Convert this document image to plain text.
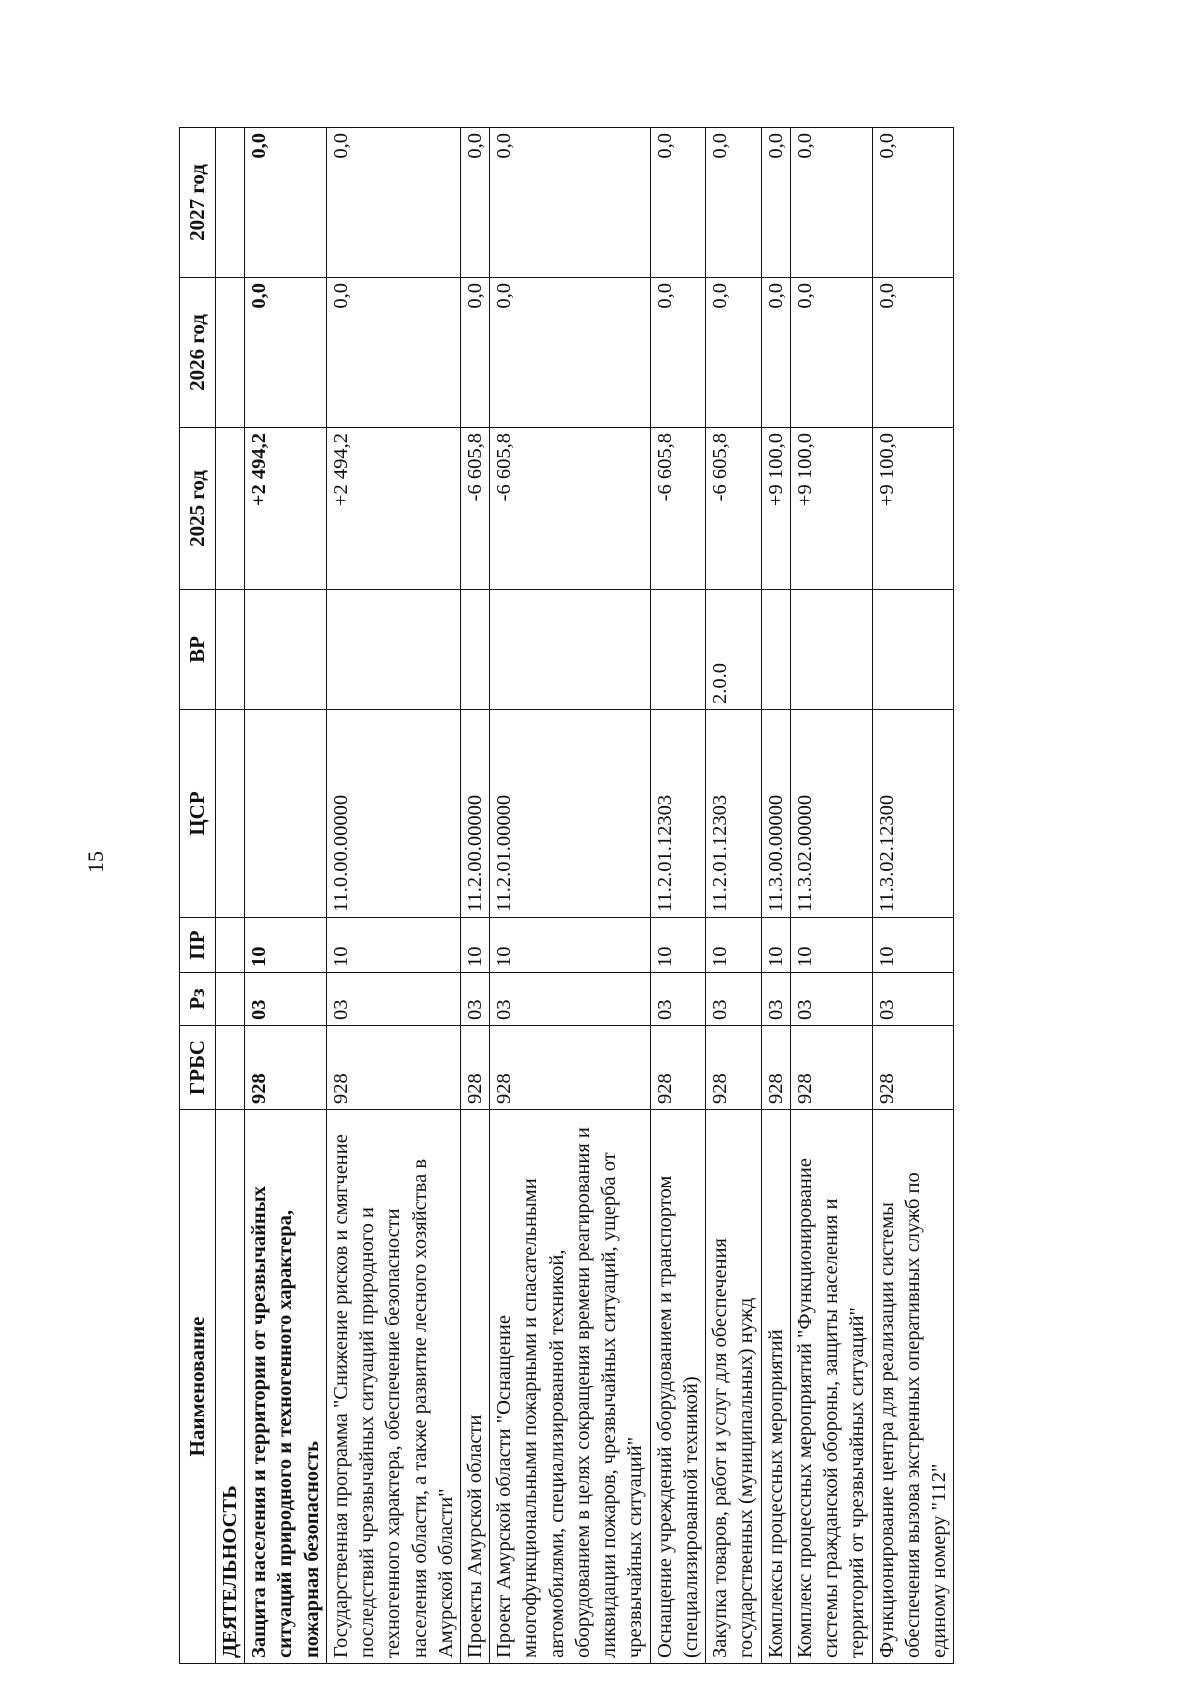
15
Наименование	ГРБС	Рз	ПР	ЦСР	ВР	2025 год	2026 год	2027 год
ДЕЯТЕЛЬНОСТЬ								
Защита населения и территории от чрезвычайных ситуаций природного и техногенного характера, пожарная безопасность	928	03	10			+2 494,2	0,0	0,0
Государственная программа "Снижение рисков и смягчение последствий чрезвычайных ситуаций природного и техногенного характера, обеспечение безопасности населения области, а также развитие лесного хозяйства в Амурской области"	928	03	10	11.0.00.00000		+2 494,2	0,0	0,0
Проекты Амурской области	928	03	10	11.2.00.00000		-6 605,8	0,0	0,0
Проект Амурской области "Оснащение многофункциональными пожарными и спасательными автомобилями, специализированной техникой, оборудованием в целях сокращения времени реагирования и ликвидации пожаров, чрезвычайных ситуаций, ущерба от чрезвычайных ситуаций"	928	03	10	11.2.01.00000		-6 605,8	0,0	0,0
Оснащение учреждений оборудованием и транспортом (специализированной техникой)	928	03	10	11.2.01.12303		-6 605,8	0,0	0,0
Закупка товаров, работ и услуг для обеспечения государственных (муниципальных) нужд	928	03	10	11.2.01.12303	2.0.0	-6 605,8	0,0	0,0
Комплексы процессных мероприятий	928	03	10	11.3.00.00000		+9 100,0	0,0	0,0
Комплекс процессных мероприятий "Функционирование системы гражданской обороны, защиты населения и территорий от чрезвычайных ситуаций"	928	03	10	11.3.02.00000		+9 100,0	0,0	0,0
Функционирование центра для реализации системы обеспечения вызова экстренных оперативных служб по единому номеру "112"	928	03	10	11.3.02.12300		+9 100,0	0,0	0,0
